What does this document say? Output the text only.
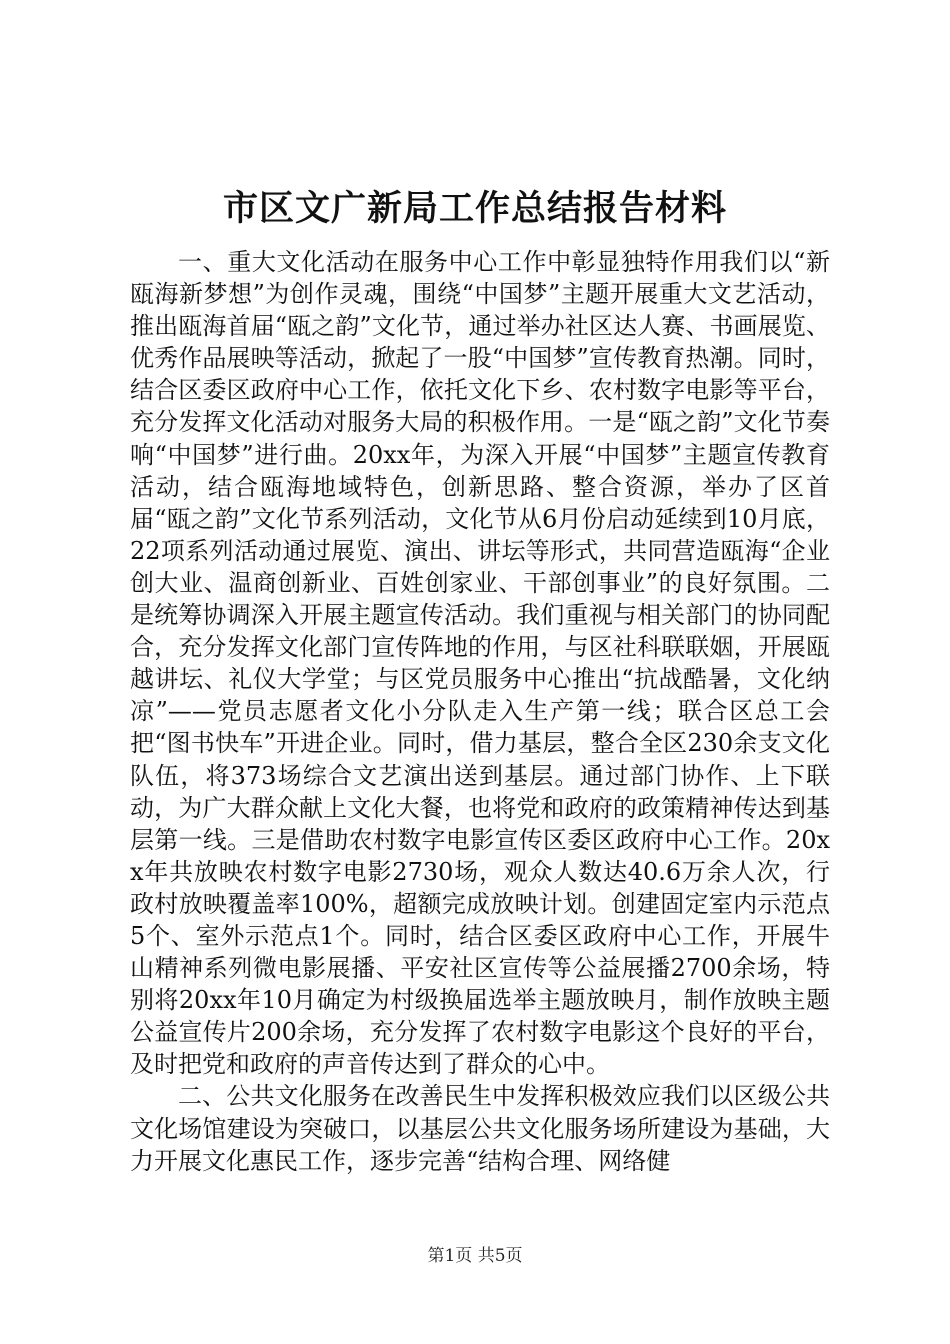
市区文广新局工作总结报告材料

一、重大文化活动在服务中心工作中彰显独特作用我们以“新瓯海新梦想”为创作灵魂，围绕“中国梦”主题开展重大文艺活动，推出瓯海首届“瓯之韵”文化节，通过举办社区达人赛、书画展览、优秀作品展映等活动，掀起了一股“中国梦”宣传教育热潮。同时，结合区委区政府中心工作，依托文化下乡、农村数字电影等平台，充分发挥文化活动对服务大局的积极作用。一是“瓯之韵”文化节奏响“中国梦”进行曲。20xx年，为深入开展“中国梦”主题宣传教育活动，结合瓯海地域特色，创新思路、整合资源，举办了区首届“瓯之韵”文化节系列活动，文化节从6月份启动延续到10月底，22项系列活动通过展览、演出、讲坛等形式，共同营造瓯海“企业创大业、温商创新业、百姓创家业、干部创事业”的良好氛围。二是统筹协调深入开展主题宣传活动。我们重视与相关部门的协同配合，充分发挥文化部门宣传阵地的作用，与区社科联联姻，开展瓯越讲坛、礼仪大学堂；与区党员服务中心推出“抗战酷暑，文化纳凉”——党员志愿者文化小分队走入生产第一线；联合区总工会把“图书快车”开进企业。同时，借力基层，整合全区230余支文化队伍，将373场综合文艺演出送到基层。通过部门协作、上下联动，为广大群众献上文化大餐，也将党和政府的政策精神传达到基层第一线。三是借助农村数字电影宣传区委区政府中心工作。20xx年共放映农村数字电影2730场，观众人数达40.6万余人次，行政村放映覆盖率100%，超额完成放映计划。创建固定室内示范点5个、室外示范点1个。同时，结合区委区政府中心工作，开展牛山精神系列微电影展播、平安社区宣传等公益展播2700余场，特别将20xx年10月确定为村级换届选举主题放映月，制作放映主题公益宣传片200余场，充分发挥了农村数字电影这个良好的平台，及时把党和政府的声音传达到了群众的心中。

二、公共文化服务在改善民生中发挥积极效应我们以区级公共文化场馆建设为突破口，以基层公共文化服务场所建设为基础，大力开展文化惠民工作，逐步完善“结构合理、网络健

第1页 共5页
